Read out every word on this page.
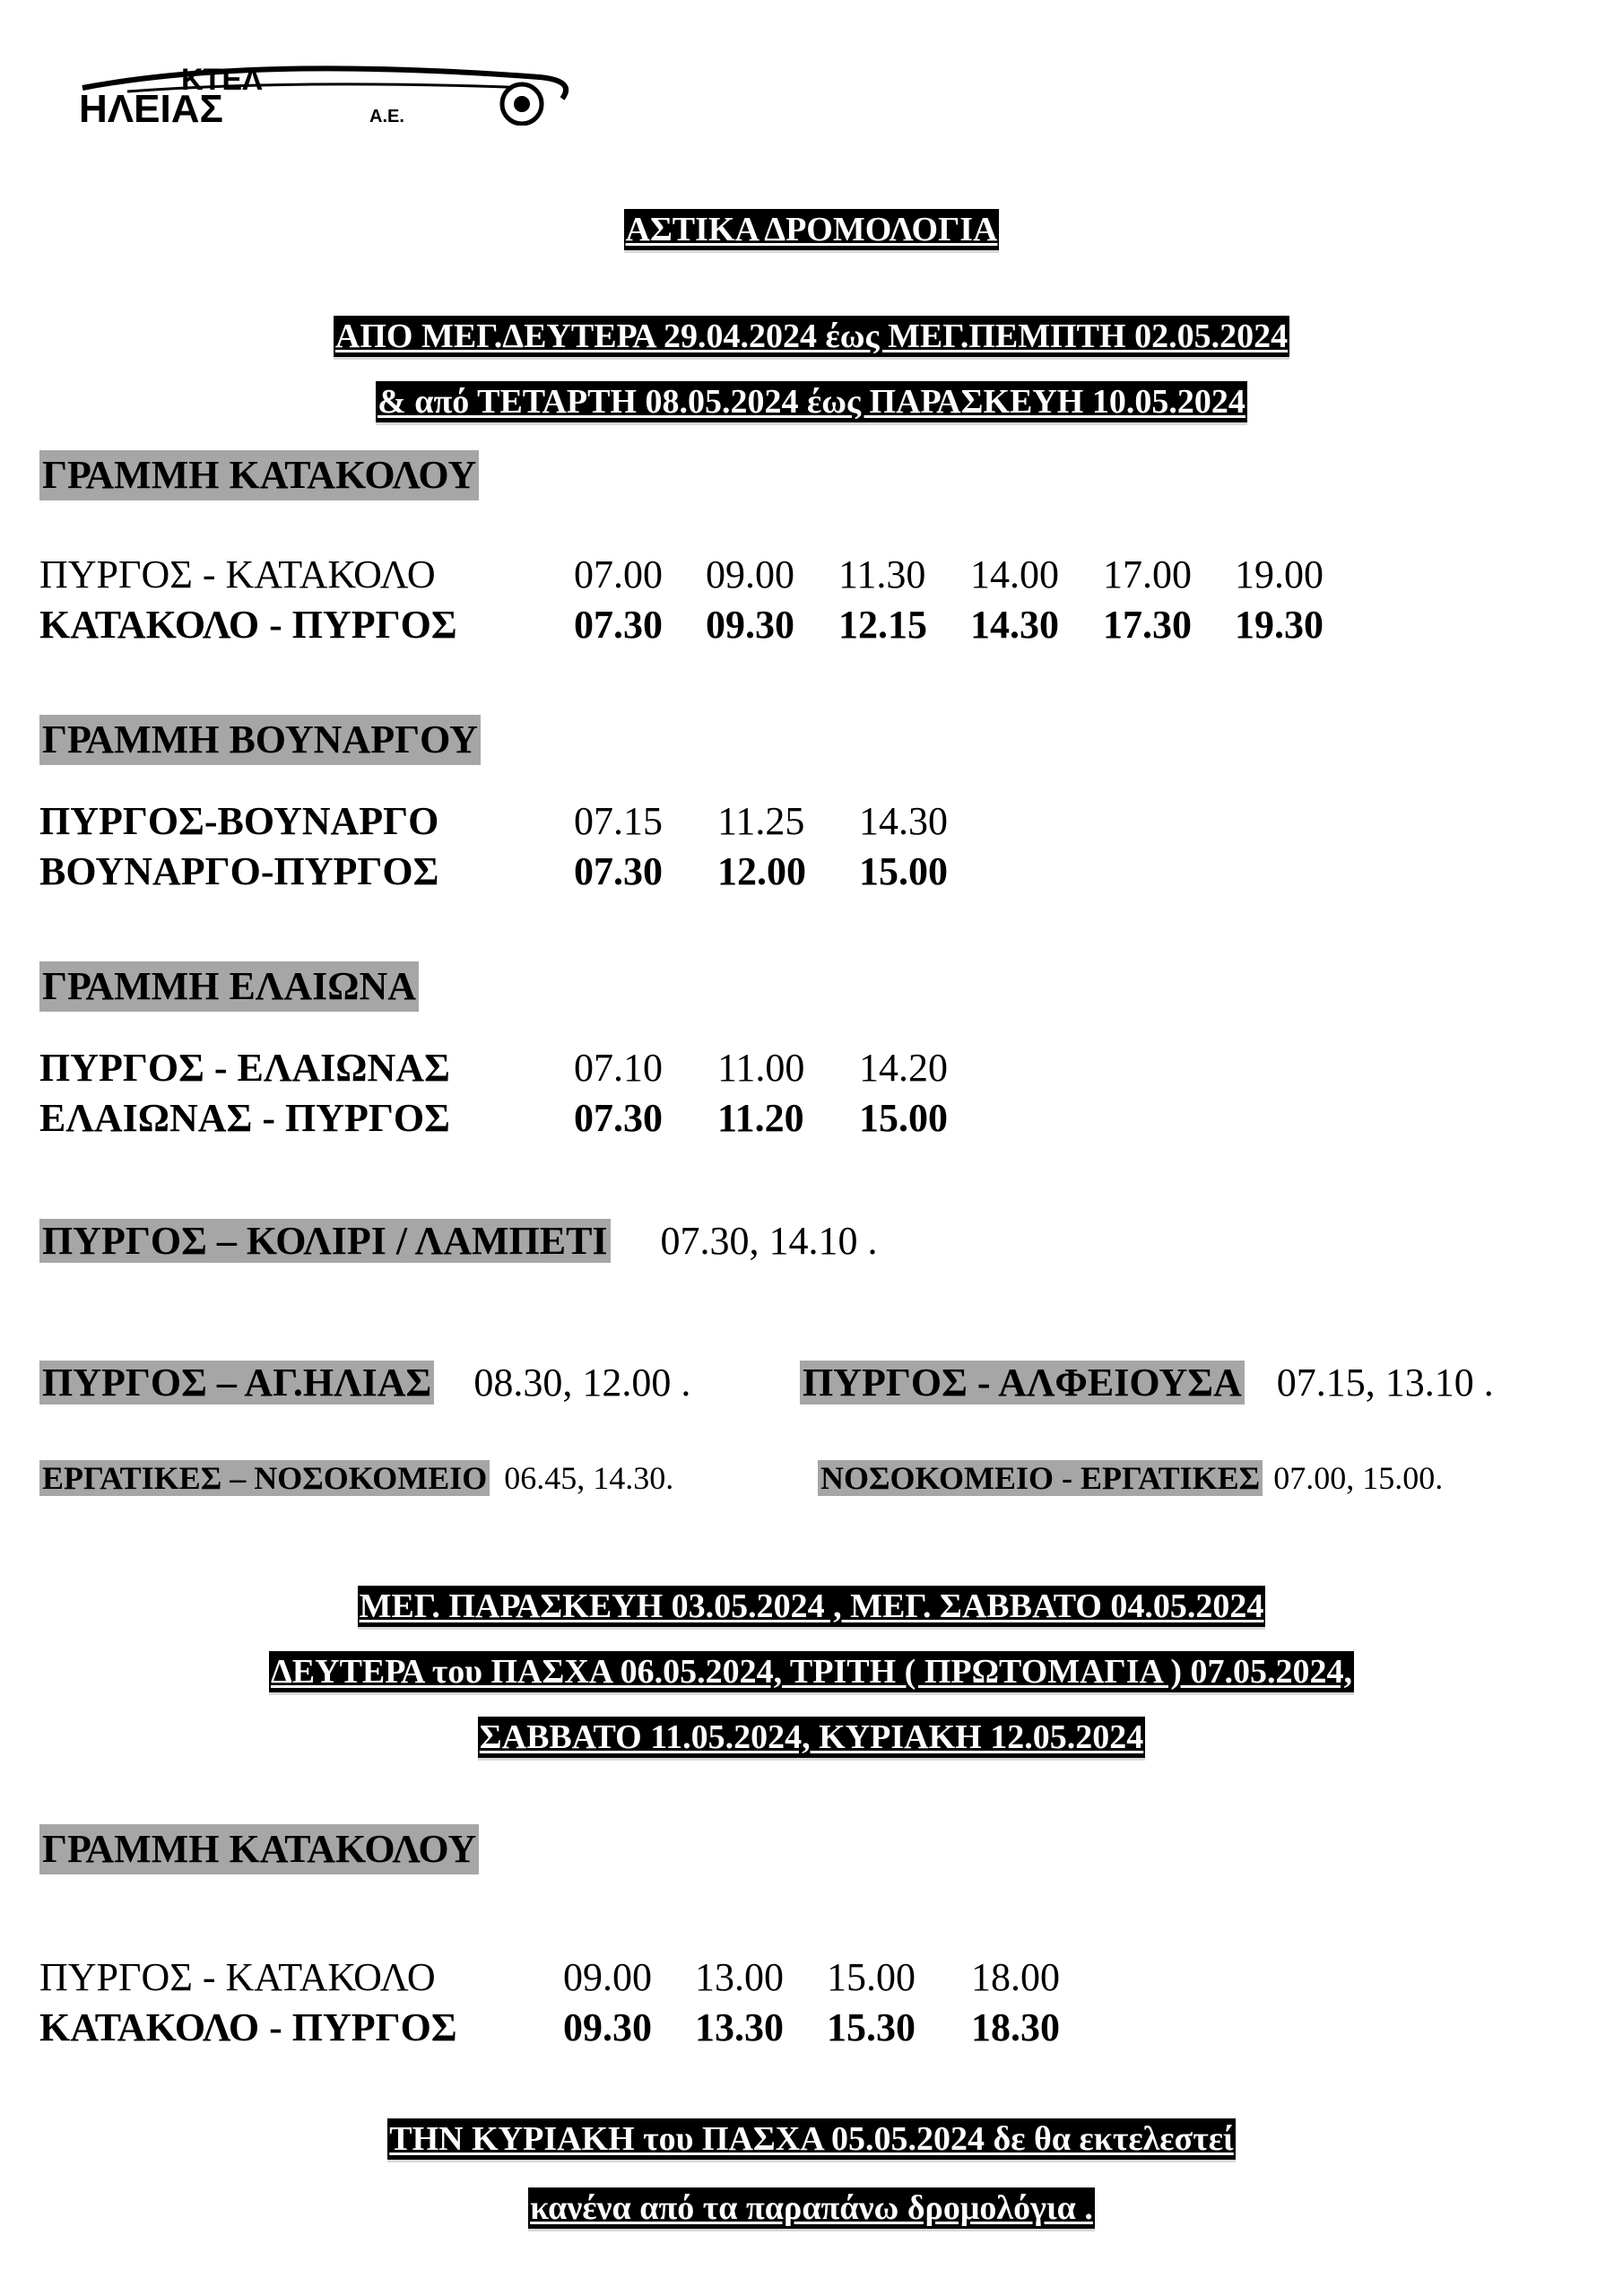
ΚΤΕΛ
ΗΛΕΙΑΣ	Α.Ε.
ΑΣΤΙΚΑ ΔΡΟΜΟΛΟΓΙΑ
ΑΠΟ ΜΕΓ.ΔΕΥΤΕΡΑ 29.04.2024 έως ΜΕΓ.ΠΕΜΠΤΗ 02.05.2024
& από ΤΕΤΑΡΤΗ 08.05.2024 έως ΠΑΡΑΣΚΕΥΗ 10.05.2024
ΓΡΑΜΜΗ ΚΑΤΑΚΟΛΟΥ
ΠΥΡΓΟΣ - ΚΑΤΑΚΟΛΟ	07.00 09.00 11.30 14.00 17.00 19.00
ΚΑΤΑΚΟΛΟ - ΠΥΡΓΟΣ	07.30 09.30 12.15 14.30 17.30 19.30
ΓΡΑΜΜΗ ΒΟΥΝΑΡΓΟΥ
ΠΥΡΓΟΣ-ΒΟΥΝΑΡΓΟ	07.15 11.25 14.30
ΒΟΥΝΑΡΓΟ-ΠΥΡΓΟΣ	07.30 12.00 15.00
ΓΡΑΜΜΗ ΕΛΑΙΩΝΑ
ΠΥΡΓΟΣ - ΕΛΑΙΩΝΑΣ	07.10 11.00 14.20
ΕΛΑΙΩΝΑΣ - ΠΥΡΓΟΣ	07.30 11.20 15.00
ΠΥΡΓΟΣ – ΚΟΛΙΡΙ / ΛΑΜΠΕΤΙ 07.30, 14.10 .
ΠΥΡΓΟΣ – ΑΓ.ΗΛΙΑΣ 08.30, 12.00 .	ΠΥΡΓΟΣ - ΑΛΦΕΙΟΥΣΑ 07.15, 13.10 .
ΕΡΓΑΤΙΚΕΣ – ΝΟΣΟΚΟΜΕΙΟ 06.45, 14.30.	ΝΟΣΟΚΟΜΕΙΟ - ΕΡΓΑΤΙΚΕΣ 07.00, 15.00.
ΜΕΓ. ΠΑΡΑΣΚΕΥΗ 03.05.2024 , ΜΕΓ. ΣΑΒΒΑΤΟ 04.05.2024
ΔΕΥΤΕΡΑ του ΠΑΣΧΑ 06.05.2024, ΤΡΙΤΗ ( ΠΡΩΤΟΜΑΓΙΑ ) 07.05.2024,
ΣΑΒΒΑΤΟ 11.05.2024, ΚΥΡΙΑΚΗ 12.05.2024
ΓΡΑΜΜΗ ΚΑΤΑΚΟΛΟΥ
ΠΥΡΓΟΣ - ΚΑΤΑΚΟΛΟ	09.00 13.00 15.00 18.00
ΚΑΤΑΚΟΛΟ - ΠΥΡΓΟΣ	09.30 13.30 15.30 18.30
ΤΗΝ ΚΥΡΙΑΚΗ του ΠΑΣΧΑ 05.05.2024 δε θα εκτελεστεί
κανένα από τα παραπάνω δρομολόγια .
